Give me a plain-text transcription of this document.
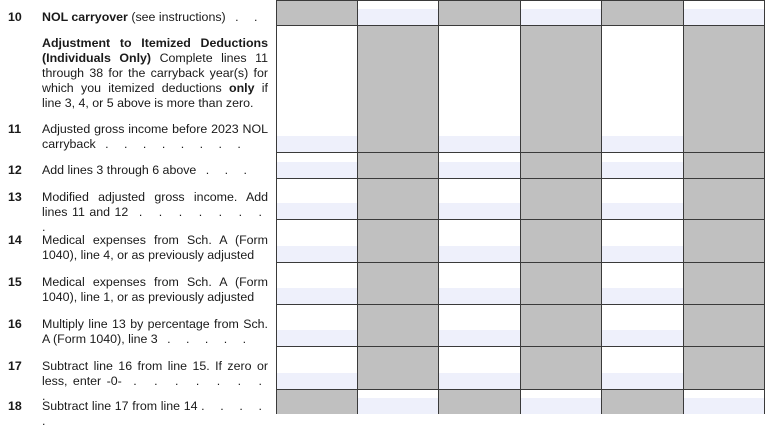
10 NOL carryover (see instructions) . .
Adjustment to Itemized Deductions (Individuals Only) Complete lines 11 through 38 for the carryback year(s) for which you itemized deductions only if line 3, 4, or 5 above is more than zero.
11 Adjusted gross income before 2023 NOL carryback . . . . . . . .
12 Add lines 3 through 6 above . . .
13 Modified adjusted gross income. Add lines 11 and 12 . . . . . . . .
14 Medical expenses from Sch. A (Form 1040), line 4, or as previously adjusted
15 Medical expenses from Sch. A (Form 1040), line 1, or as previously adjusted
16 Multiply line 13 by percentage from Sch. A (Form 1040), line 3 . . . . .
17 Subtract line 16 from line 15. If zero or less, enter -0- . . . . . . . .
18 Subtract line 17 from line 14 . . . . .
